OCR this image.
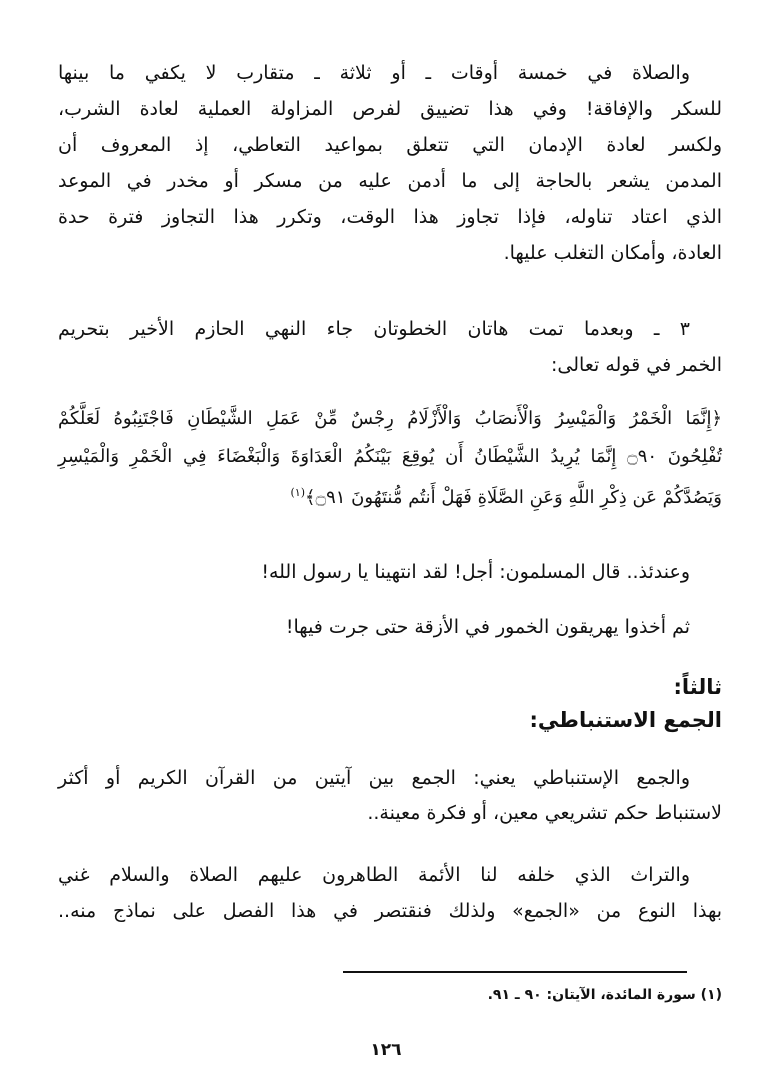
والصلاة في خمسة أوقات ـ أو ثلاثة ـ متقارب لا يكفي ما بينها
للسكر والإفاقة! وفي هذا تضييق لفرص المزاولة العملية لعادة الشرب،
ولكسر لعادة الإدمان التي تتعلق بمواعيد التعاطي، إذ المعروف أن
المدمن يشعر بالحاجة إلى ما أدمن عليه من مسكر أو مخدر في الموعد
الذي اعتاد تناوله، فإذا تجاوز هذا الوقت، وتكرر هذا التجاوز فترة حدة
العادة، وأمكان التغلب عليها.
٣ ـ وبعدما تمت هاتان الخطوتان جاء النهي الحازم الأخير بتحريم
الخمر في قوله تعالى:
﴿إِنَّمَا الْخَمْرُ وَالْمَيْسِرُ وَالْأَنصَابُ وَالْأَزْلَامُ رِجْسٌ مِّنْ عَمَلِ الشَّيْطَانِ فَاجْتَنِبُوهُ لَعَلَّكُمْ
تُفْلِحُونَ ۝٩٠ إِنَّمَا يُرِيدُ الشَّيْطَانُ أَن يُوقِعَ بَيْنَكُمُ الْعَدَاوَةَ وَالْبَغْضَاءَ فِي الْخَمْرِ وَالْمَيْسِرِ
وَيَصُدَّكُمْ عَن ذِكْرِ اللَّهِ وَعَنِ الصَّلَاةِ فَهَلْ أَنتُم مُّنتَهُونَ ۝٩١﴾$^{(١)}$
وعندئذ.. قال المسلمون: أجل! لقد انتهينا يا رسول الله!
ثم أخذوا يهريقون الخمور في الأزقة حتى جرت فيها!
ثالثاً:
الجمع الاستنباطي:
والجمع الإستنباطي يعني: الجمع بين آيتين من القرآن الكريم أو أكثر
لاستنباط حكم تشريعي معين، أو فكرة معينة..
والتراث الذي خلفه لنا الأئمة الطاهرون عليهم الصلاة والسلام غني
بهذا النوع من «الجمع» ولذلك فنقتصر في هذا الفصل على نماذج منه..
(١) سورة المائدة، الآيتان: ٩٠ ـ ٩١.
١٢٦
